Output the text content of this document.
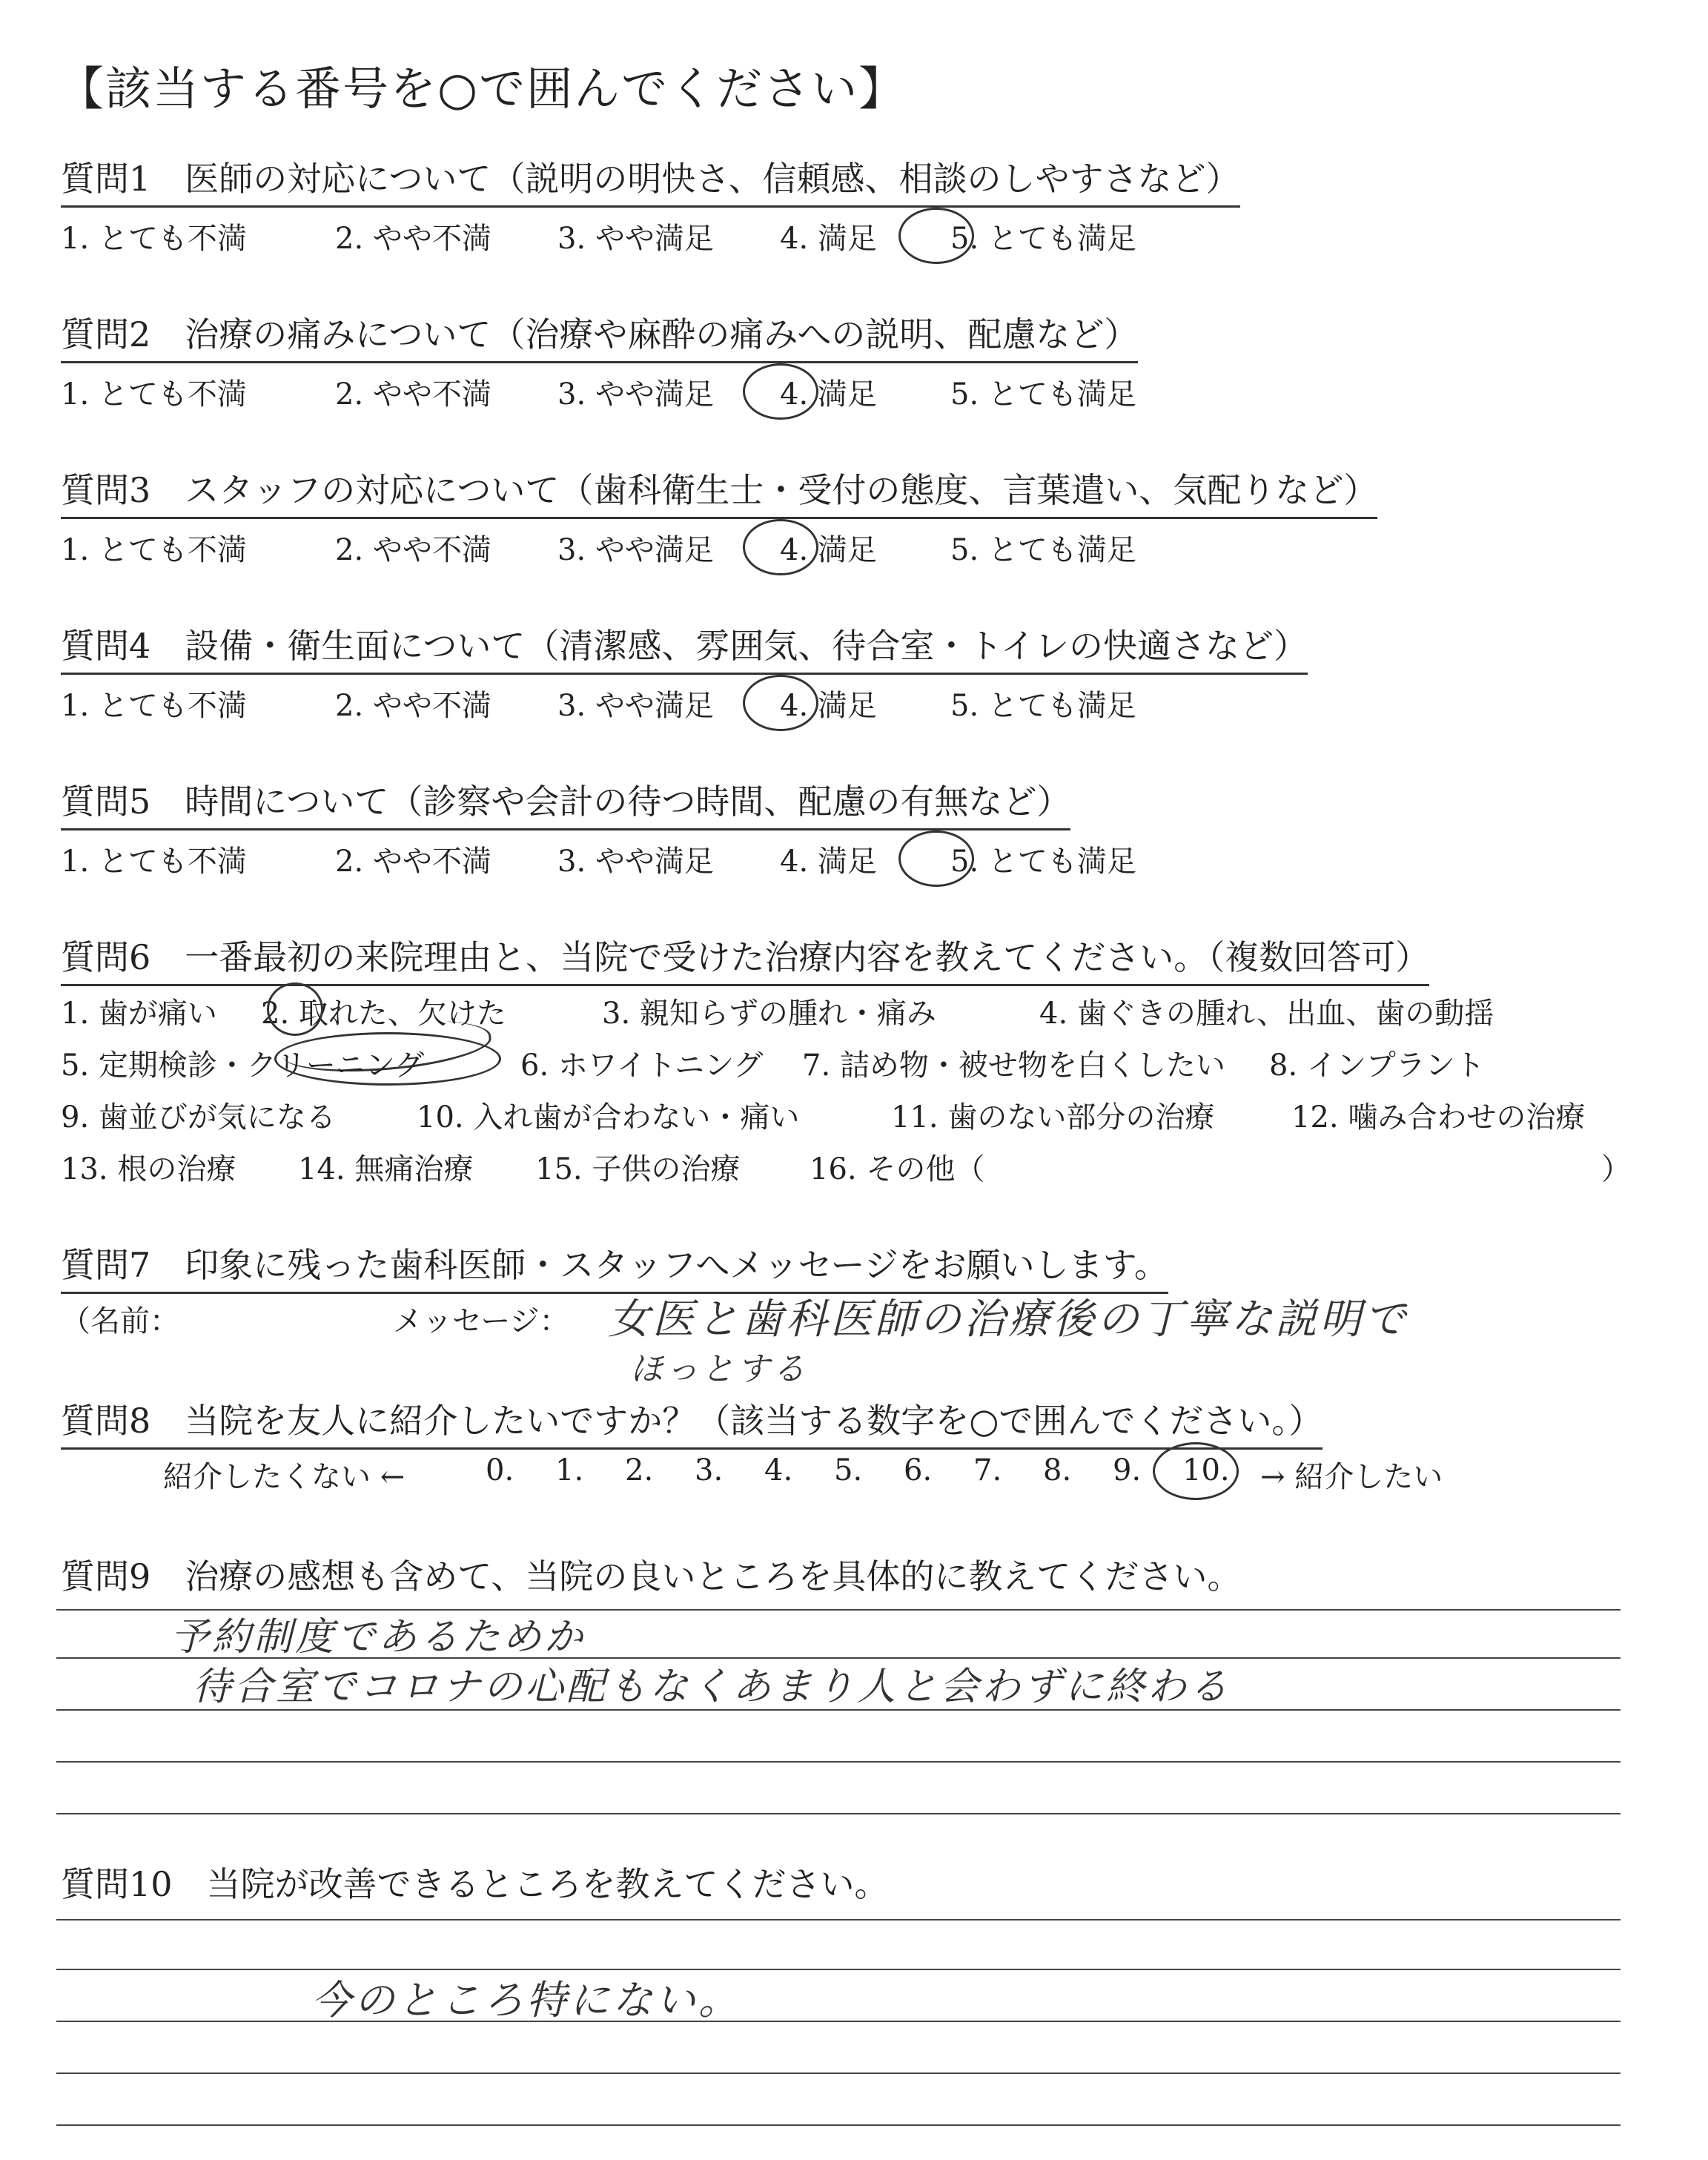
【該当する番号を○で囲んでください】
質問1　医師の対応について（説明の明快さ、信頼感、相談のしやすさなど）
1. とても不満	2. やや不満 3. やや満足 4. 満足 5. とても満足
質問2　治療の痛みについて（治療や麻酔の痛みへの説明、配慮など）
1. とても不満	2. やや不満 3. やや満足 4. 満足 5. とても満足
質問3　スタッフの対応について（歯科衛生士・受付の態度、言葉遣い、気配りなど）
1. とても不満	2. やや不満 3. やや満足 4. 満足 5. とても満足
質問4　設備・衛生面について（清潔感、雰囲気、待合室・トイレの快適さなど）
1. とても不満	2. やや不満 3. やや満足 4. 満足 5. とても満足
質問5　時間について（診察や会計の待つ時間、配慮の有無など）
1. とても不満	2. やや不満 3. やや満足 4. 満足 5. とても満足
質問6　一番最初の来院理由と、当院で受けた治療内容を教えてください。（複数回答可）
1. 歯が痛い 2. 取れた、欠けた	3. 親知らずの腫れ・痛み	4. 歯ぐきの腫れ、出血、歯の動揺
5. 定期検診・クリーニング	6. ホワイトニング 7. 詰め物・被せ物を白くしたい 8. インプラント
9. 歯並びが気になる	10. 入れ歯が合わない・痛い	11. 歯のない部分の治療	12. 噛み合わせの治療
13. 根の治療 14. 無痛治療 15. 子供の治療 16. その他（	）
質問7　印象に残った歯科医師・スタッフへメッセージをお願いします。
（名前：	メッセージ： 女医と歯科医師の治療後の丁寧な説明で
ほっとする
質問8　当院を友人に紹介したいですか？（該当する数字を○で囲んでください。）
紹介したくない ←	0. 1. 2. 3. 4. 5. 6. 7. 8. 9. 10.	→ 紹介したい
質問9　治療の感想も含めて、当院の良いところを具体的に教えてください。
予約制度であるためか
待合室でコロナの心配もなくあまり人と会わずに終わる
質問10　当院が改善できるところを教えてください。
今のところ特にない。
